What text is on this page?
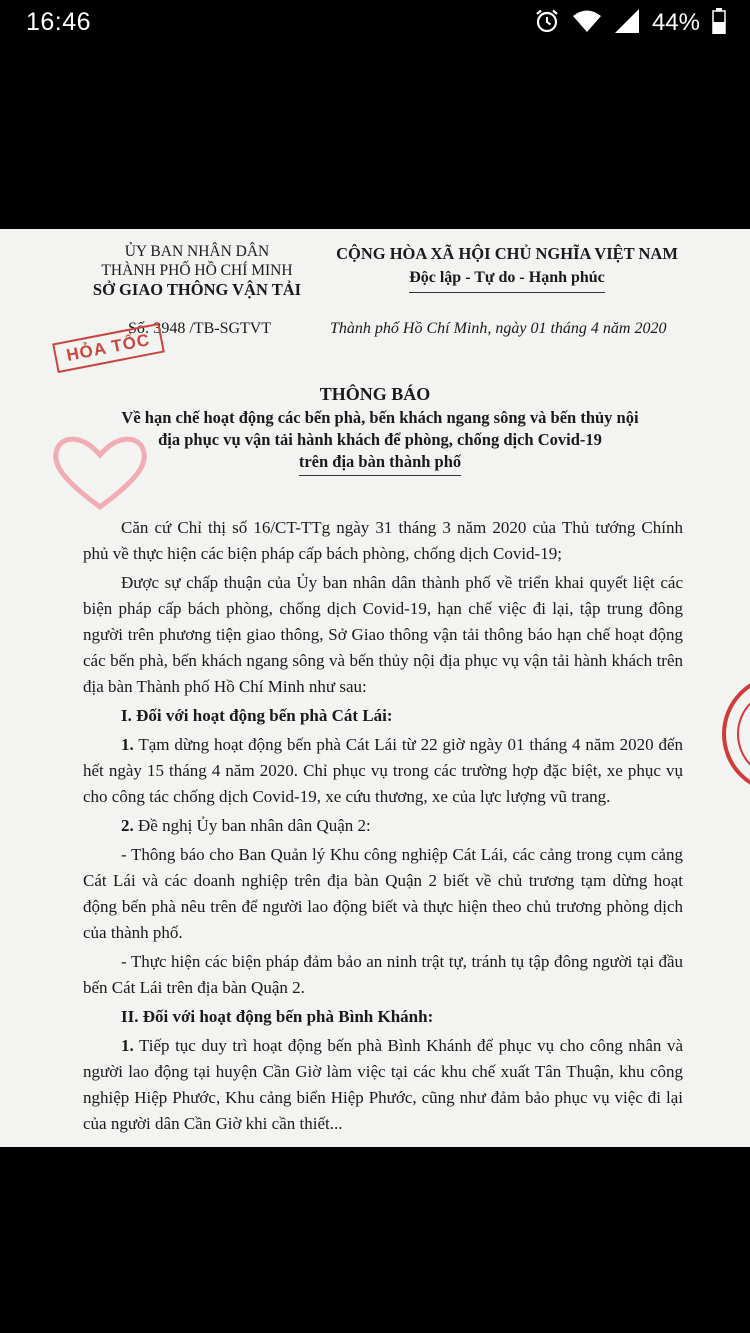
16:46	44%
ỦY BAN NHÂN DÂN
THÀNH PHỐ HỒ CHÍ MINH
SỞ GIAO THÔNG VẬN TẢI
CỘNG HÒA XÃ HỘI CHỦ NGHĨA VIỆT NAM
Độc lập - Tự do - Hạnh phúc
Số: 3948 /TB-SGTVT	Thành phố Hồ Chí Minh, ngày 01 tháng 4 năm 2020
HỎA TỐC
THÔNG BÁO
Về hạn chế hoạt động các bến phà, bến khách ngang sông và bến thủy nội
địa phục vụ vận tải hành khách để phòng, chống dịch Covid-19
trên địa bàn thành phố

Căn cứ Chỉ thị số 16/CT-TTg ngày 31 tháng 3 năm 2020 của Thủ tướng Chính phủ về thực hiện các biện pháp cấp bách phòng, chống dịch Covid-19;

Được sự chấp thuận của Ủy ban nhân dân thành phố về triển khai quyết liệt các biện pháp cấp bách phòng, chống dịch Covid-19, hạn chế việc đi lại, tập trung đông người trên phương tiện giao thông, Sở Giao thông vận tải thông báo hạn chế hoạt động các bến phà, bến khách ngang sông và bến thủy nội địa phục vụ vận tải hành khách trên địa bàn Thành phố Hồ Chí Minh như sau:

I. Đối với hoạt động bến phà Cát Lái:

1. Tạm dừng hoạt động bến phà Cát Lái từ 22 giờ ngày 01 tháng 4 năm 2020 đến hết ngày 15 tháng 4 năm 2020. Chỉ phục vụ trong các trường hợp đặc biệt, xe phục vụ cho công tác chống dịch Covid-19, xe cứu thương, xe của lực lượng vũ trang.

2. Đề nghị Ủy ban nhân dân Quận 2:

- Thông báo cho Ban Quản lý Khu công nghiệp Cát Lái, các cảng trong cụm cảng Cát Lái và các doanh nghiệp trên địa bàn Quận 2 biết về chủ trương tạm dừng hoạt động bến phà nêu trên để người lao động biết và thực hiện theo chủ trương phòng dịch của thành phố.

- Thực hiện các biện pháp đảm bảo an ninh trật tự, tránh tụ tập đông người tại đầu bến Cát Lái trên địa bàn Quận 2.

II. Đối với hoạt động bến phà Bình Khánh:

1. Tiếp tục duy trì hoạt động bến phà Bình Khánh để phục vụ cho công nhân và người lao động tại huyện Cần Giờ làm việc tại các khu chế xuất Tân Thuận, khu công nghiệp Hiệp Phước, Khu cảng biển Hiệp Phước, cũng như đảm bảo phục vụ việc đi lại của người dân Cần Giờ khi cần thiết...
